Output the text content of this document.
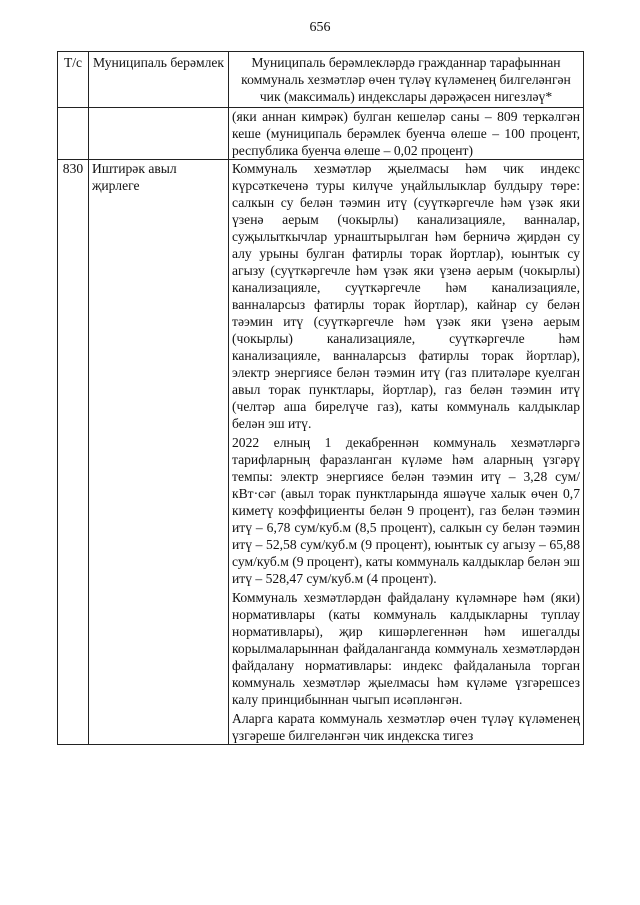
656
Т/с	Муниципаль берәмлек	Муниципаль берәмлекләрдә гражданнар тарафыннан коммуналь хезмәтләр өчен түләү күләменең билгеләнгән чик (максималь) индекслары дәрәҗәсен нигезләү*

		(яки аннан кимрәк) булган кешеләр саны – 809 теркәлгән кеше (муниципаль берәмлек буенча өлеше – 100 процент, республика буенча өлеше – 0,02 процент)

830	Иштирәк авыл җирлеге	Коммуналь хезмәтләр җыелмасы һәм чик индекс күрсәткеченә туры килүче уңайлылыклар булдыру төре: салкын су белән тәэмин итү (суүткәргечле һәм үзәк яки үзенә аерым (чокырлы) канализацияле, ванналар, суҗылыткычлар урнаштырылган һәм берничә җирдән су алу урыны булган фатирлы торак йортлар), юынтык су агызу (суүткәргечле һәм үзәк яки үзенә аерым (чокырлы) канализацияле, суүткәргечле һәм канализацияле, ванналарсыз фатирлы торак йортлар), кайнар су белән тәэмин итү (суүткәргечле һәм үзәк яки үзенә аерым (чокырлы) канализацияле, суүткәргечле һәм канализацияле, ванналарсыз фатирлы торак йортлар), электр энергиясе белән тәэмин итү (газ плитәләре куелган авыл торак пунктлары, йортлар), газ белән тәэмин итү (челтәр аша бирелүче газ), каты коммуналь калдыклар белән эш итү.

2022 елның 1 декабреннән коммуналь хезмәтләргә тарифларның фаразланган күләме һәм аларның үзгәрү темпы: электр энергиясе белән тәэмин итү – 3,28 сум/кВт·сәг (авыл торак пунктларында яшәүче халык өчен 0,7 киметү коэффициенты белән 9 процент), газ белән тәэмин итү – 6,78 сум/куб.м (8,5 процент), салкын су белән тәэмин итү – 52,58 сум/куб.м (9 процент), юынтык су агызу – 65,88 сум/куб.м (9 процент), каты коммуналь калдыклар белән эш итү – 528,47 сум/куб.м (4 процент).

Коммуналь хезмәтләрдән файдалану күләмнәре һәм (яки) нормативлары (каты коммуналь калдыкларны туплау нормативлары), җир кишәрлегеннән һәм ишегалды корылмаларыннан файдаланганда коммуналь хезмәтләрдән файдалану нормативлары: индекс файдаланыла торган коммуналь хезмәтләр җыелмасы һәм күләме үзгәрешсез калу принцибыннан чыгып исәпләнгән.

Аларга карата коммуналь хезмәтләр өчен түләү күләменең үзгәреше билгеләнгән чик индекска тигез
